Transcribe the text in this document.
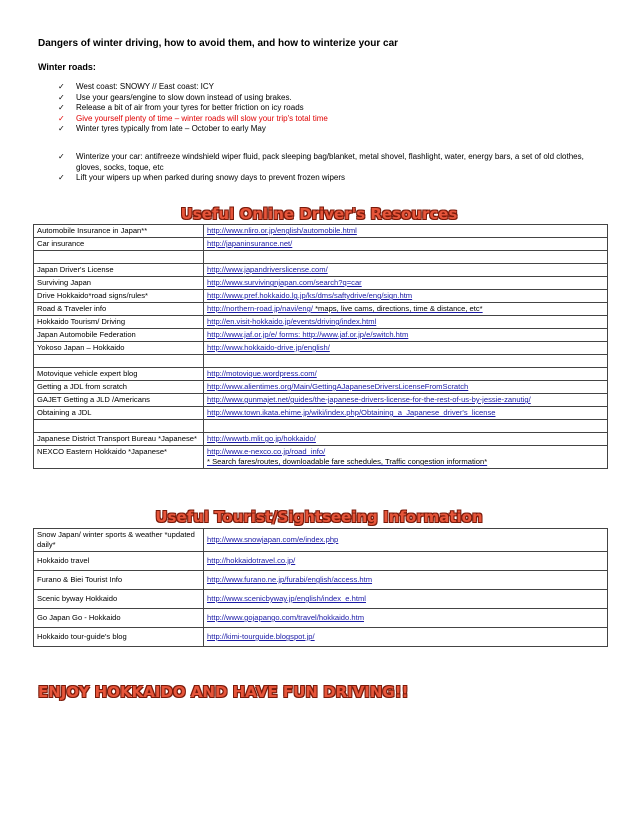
Dangers of winter driving, how to avoid them, and how to winterize your car
Winter roads:
✓ West coast: SNOWY // East coast: ICY
✓ Use your gears/engine to slow down instead of using brakes.
✓ Release a bit of air from your tyres for better friction on icy roads
✓ Give yourself plenty of time – winter roads will slow your trip's total time
✓ Winter tyres typically from late – October to early May
✓ Winterize your car: antifreeze windshield wiper fluid, pack sleeping bag/blanket, metal shovel, flashlight, water, energy bars, a set of old clothes, gloves, socks, toque, etc
✓ Lift your wipers up when parked during snowy days to prevent frozen wipers
Useful Online Driver's Resources
Automobile Insurance in Japan**	http://www.nliro.or.jp/english/automobile.html
Car insurance	http://japaninsurance.net/

Japan Driver's License	http://www.japandriverslicense.com/
Surviving Japan	http://www.survivingnjapan.com/search?q=car
Drive Hokkaido*road signs/rules*	http://www.pref.hokkaido.lg.jp/ks/dms/saftydrive/eng/sign.htm
Road & Traveler info	http://northern-road.jp/navi/eng/ *maps, live cams, directions, time & distance, etc*
Hokkaido Tourism/ Driving	http://en.visit-hokkaido.jp/events/driving/index.html
Japan Automobile Federation	http://www.jaf.or.jp/e/ forms: http://www.jaf.or.jp/e/switch.htm
Yokoso Japan – Hokkaido	http://www.hokkaido-drive.jp/english/

Motovique vehicle expert blog	http://motovique.wordpress.com/
Getting a JDL from scratch	http://www.alientimes.org/Main/GettingAJapaneseDriversLicenseFromScratch
GAJET Getting a JLD /Americans	http://www.gunmajet.net/guides/the-japanese-drivers-license-for-the-rest-of-us-by-jessie-zanutig/
Obtaining a JDL	http://www.town.ikata.ehime.jp/wiki/index.php/Obtaining_a_Japanese_driver's_license

Japanese District Transport Bureau *Japanese*	http://wwwtb.mlit.go.jp/hokkaido/
NEXCO Eastern Hokkaido *Japanese*	http://www.e-nexco.co.jp/road_info/
* Search fares/routes, downloadable fare schedules, Traffic congestion information*
Useful Tourist/Sightseeing Information
Snow Japan/ winter sports & weather *updated daily*	http://www.snowjapan.com/e/index.php
Hokkaido travel	http://hokkaidotravel.co.jp/
Furano & Biei Tourist Info	http://www.furano.ne.jp/furabi/english/access.htm
Scenic byway Hokkaido	http://www.scenicbyway.jp/english/index_e.html
Go Japan Go - Hokkaido	http://www.gojapango.com/travel/hokkaido.htm
Hokkaido tour-guide's blog	http://kimi-tourguide.blogspot.jp/
ENJOY HOKKAIDO AND HAVE FUN DRIVING!!
